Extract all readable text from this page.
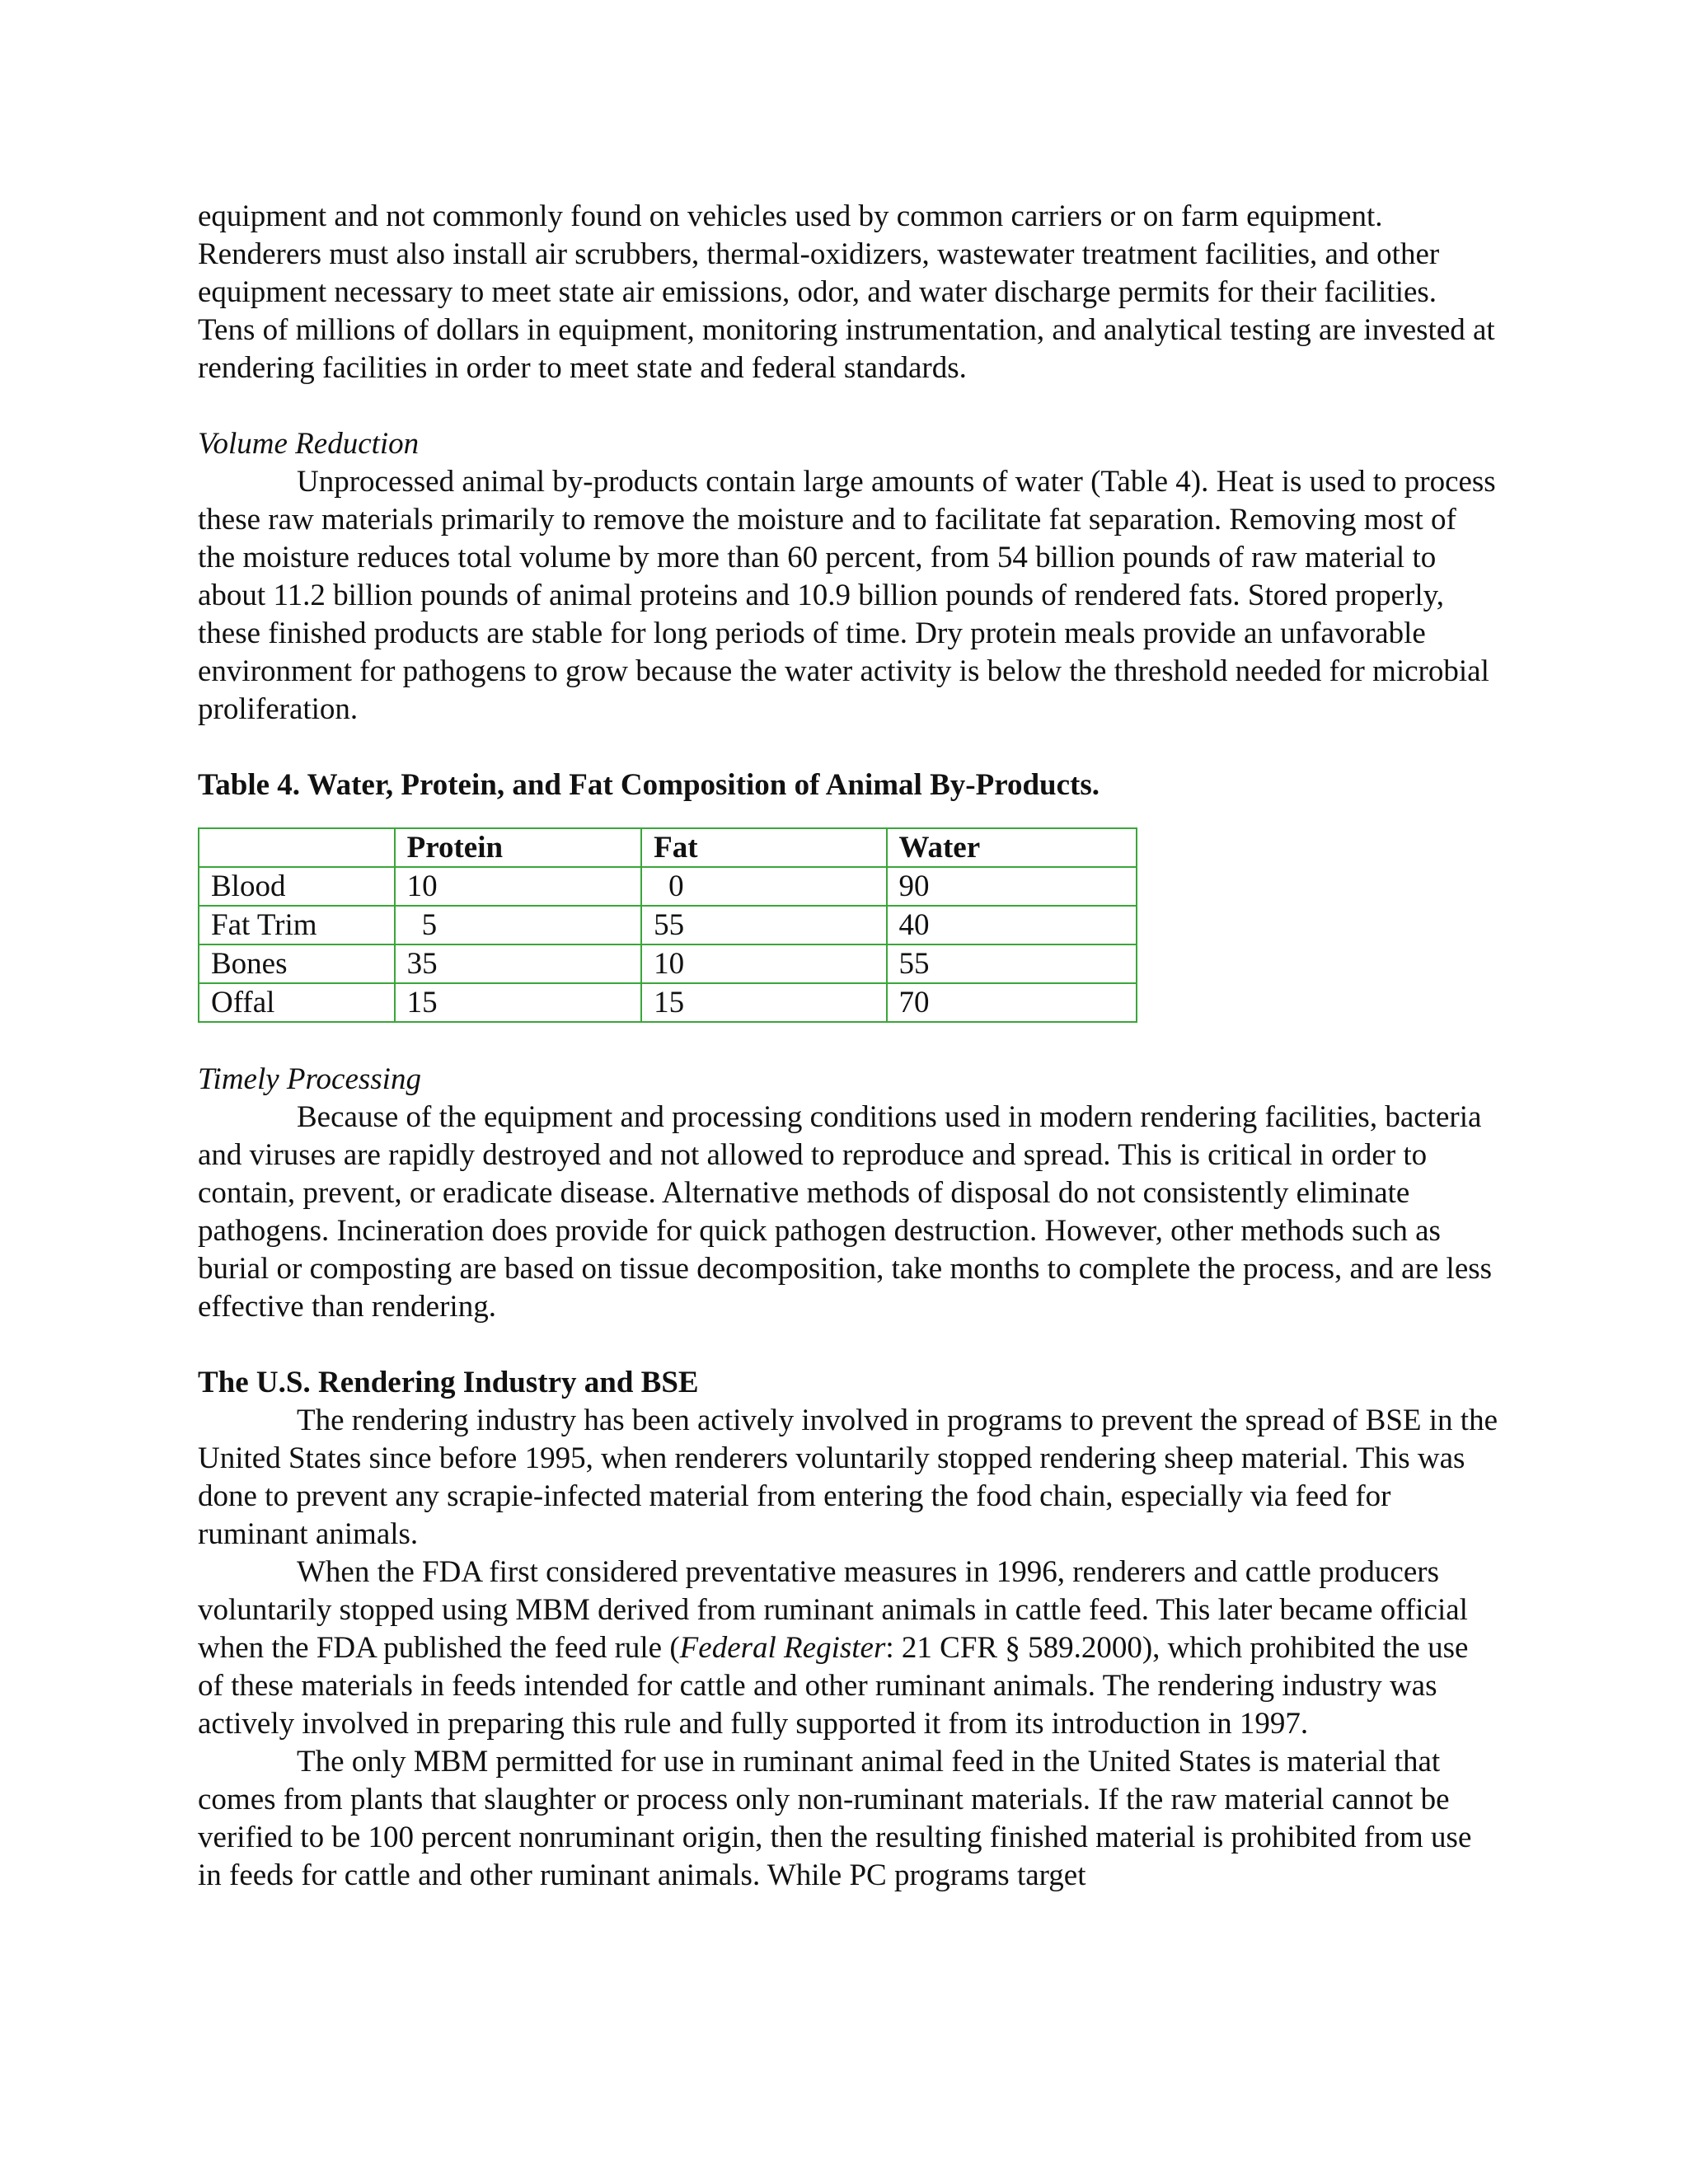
equipment and not commonly found on vehicles used by common carriers or on farm equipment. Renderers must also install air scrubbers, thermal-oxidizers, wastewater treatment facilities, and other equipment necessary to meet state air emissions, odor, and water discharge permits for their facilities. Tens of millions of dollars in equipment, monitoring instrumentation, and analytical testing are invested at rendering facilities in order to meet state and federal standards.

Volume Reduction

Unprocessed animal by-products contain large amounts of water (Table 4). Heat is used to process these raw materials primarily to remove the moisture and to facilitate fat separation. Removing most of the moisture reduces total volume by more than 60 percent, from 54 billion pounds of raw material to about 11.2 billion pounds of animal proteins and 10.9 billion pounds of rendered fats. Stored properly, these finished products are stable for long periods of time. Dry protein meals provide an unfavorable environment for pathogens to grow because the water activity is below the threshold needed for microbial proliferation.

Table 4. Water, Protein, and Fat Composition of Animal By-Products.

	Protein	Fat	Water
Blood	10	0	90
Fat Trim	5	55	40
Bones	35	10	55
Offal	15	15	70

Timely Processing

Because of the equipment and processing conditions used in modern rendering facilities, bacteria and viruses are rapidly destroyed and not allowed to reproduce and spread. This is critical in order to contain, prevent, or eradicate disease. Alternative methods of disposal do not consistently eliminate pathogens. Incineration does provide for quick pathogen destruction. However, other methods such as burial or composting are based on tissue decomposition, take months to complete the process, and are less effective than rendering.

The U.S. Rendering Industry and BSE

The rendering industry has been actively involved in programs to prevent the spread of BSE in the United States since before 1995, when renderers voluntarily stopped rendering sheep material. This was done to prevent any scrapie-infected material from entering the food chain, especially via feed for ruminant animals.

When the FDA first considered preventative measures in 1996, renderers and cattle producers voluntarily stopped using MBM derived from ruminant animals in cattle feed. This later became official when the FDA published the feed rule (Federal Register: 21 CFR § 589.2000), which prohibited the use of these materials in feeds intended for cattle and other ruminant animals. The rendering industry was actively involved in preparing this rule and fully supported it from its introduction in 1997.

The only MBM permitted for use in ruminant animal feed in the United States is material that comes from plants that slaughter or process only non-ruminant materials. If the raw material cannot be verified to be 100 percent nonruminant origin, then the resulting finished material is prohibited from use in feeds for cattle and other ruminant animals. While PC programs target
